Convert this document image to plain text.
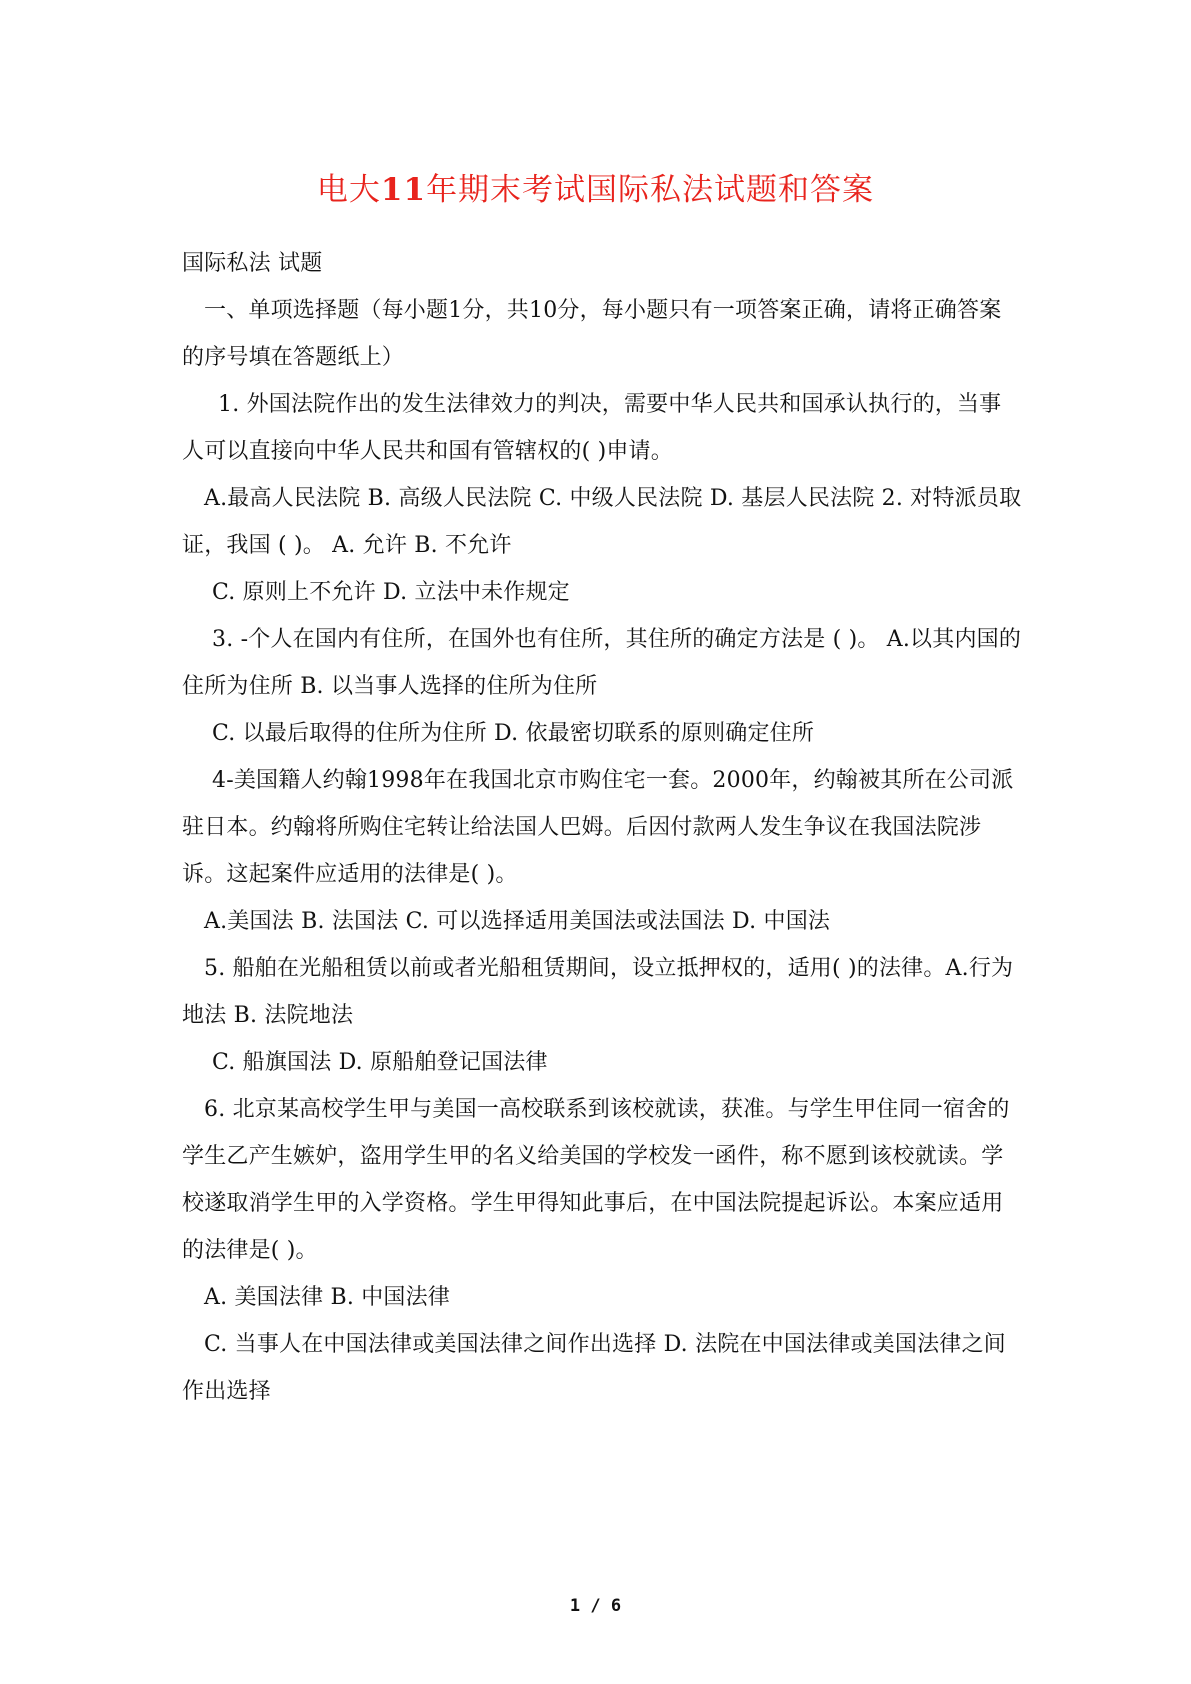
电大11年期末考试国际私法试题和答案

国际私法 试题

一、单项选择题（每小题1分，共10分，每小题只有一项答案正确，请将正确答案的序号填在答题纸上）

1. 外国法院作出的发生法律效力的判决，需要中华人民共和国承认执行的，当事人可以直接向中华人民共和国有管辖权的( )申请。

A.最高人民法院 B. 高级人民法院 C. 中级人民法院 D. 基层人民法院 2. 对特派员取证，我国 ( )。 A. 允许 B. 不允许

C. 原则上不允许 D. 立法中未作规定

3. -个人在国内有住所，在国外也有住所，其住所的确定方法是 ( )。 A.以其内国的住所为住所 B. 以当事人选择的住所为住所

C. 以最后取得的住所为住所 D. 依最密切联系的原则确定住所

4-美国籍人约翰1998年在我国北京市购住宅一套。2000年，约翰被其所在公司派驻日本。约翰将所购住宅转让给法国人巴姆。后因付款两人发生争议在我国法院涉诉。这起案件应适用的法律是( )。

A.美国法 B. 法国法 C. 可以选择适用美国法或法国法 D. 中国法

5. 船舶在光船租赁以前或者光船租赁期间，设立抵押权的，适用( )的法律。A.行为地法 B. 法院地法

C. 船旗国法 D. 原船舶登记国法律

6. 北京某高校学生甲与美国一高校联系到该校就读，获准。与学生甲住同一宿舍的学生乙产生嫉妒，盗用学生甲的名义给美国的学校发一函件，称不愿到该校就读。学校遂取消学生甲的入学资格。学生甲得知此事后，在中国法院提起诉讼。本案应适用的法律是( )。

A. 美国法律 B. 中国法律

C. 当事人在中国法律或美国法律之间作出选择 D. 法院在中国法律或美国法律之间作出选择

1 / 6
